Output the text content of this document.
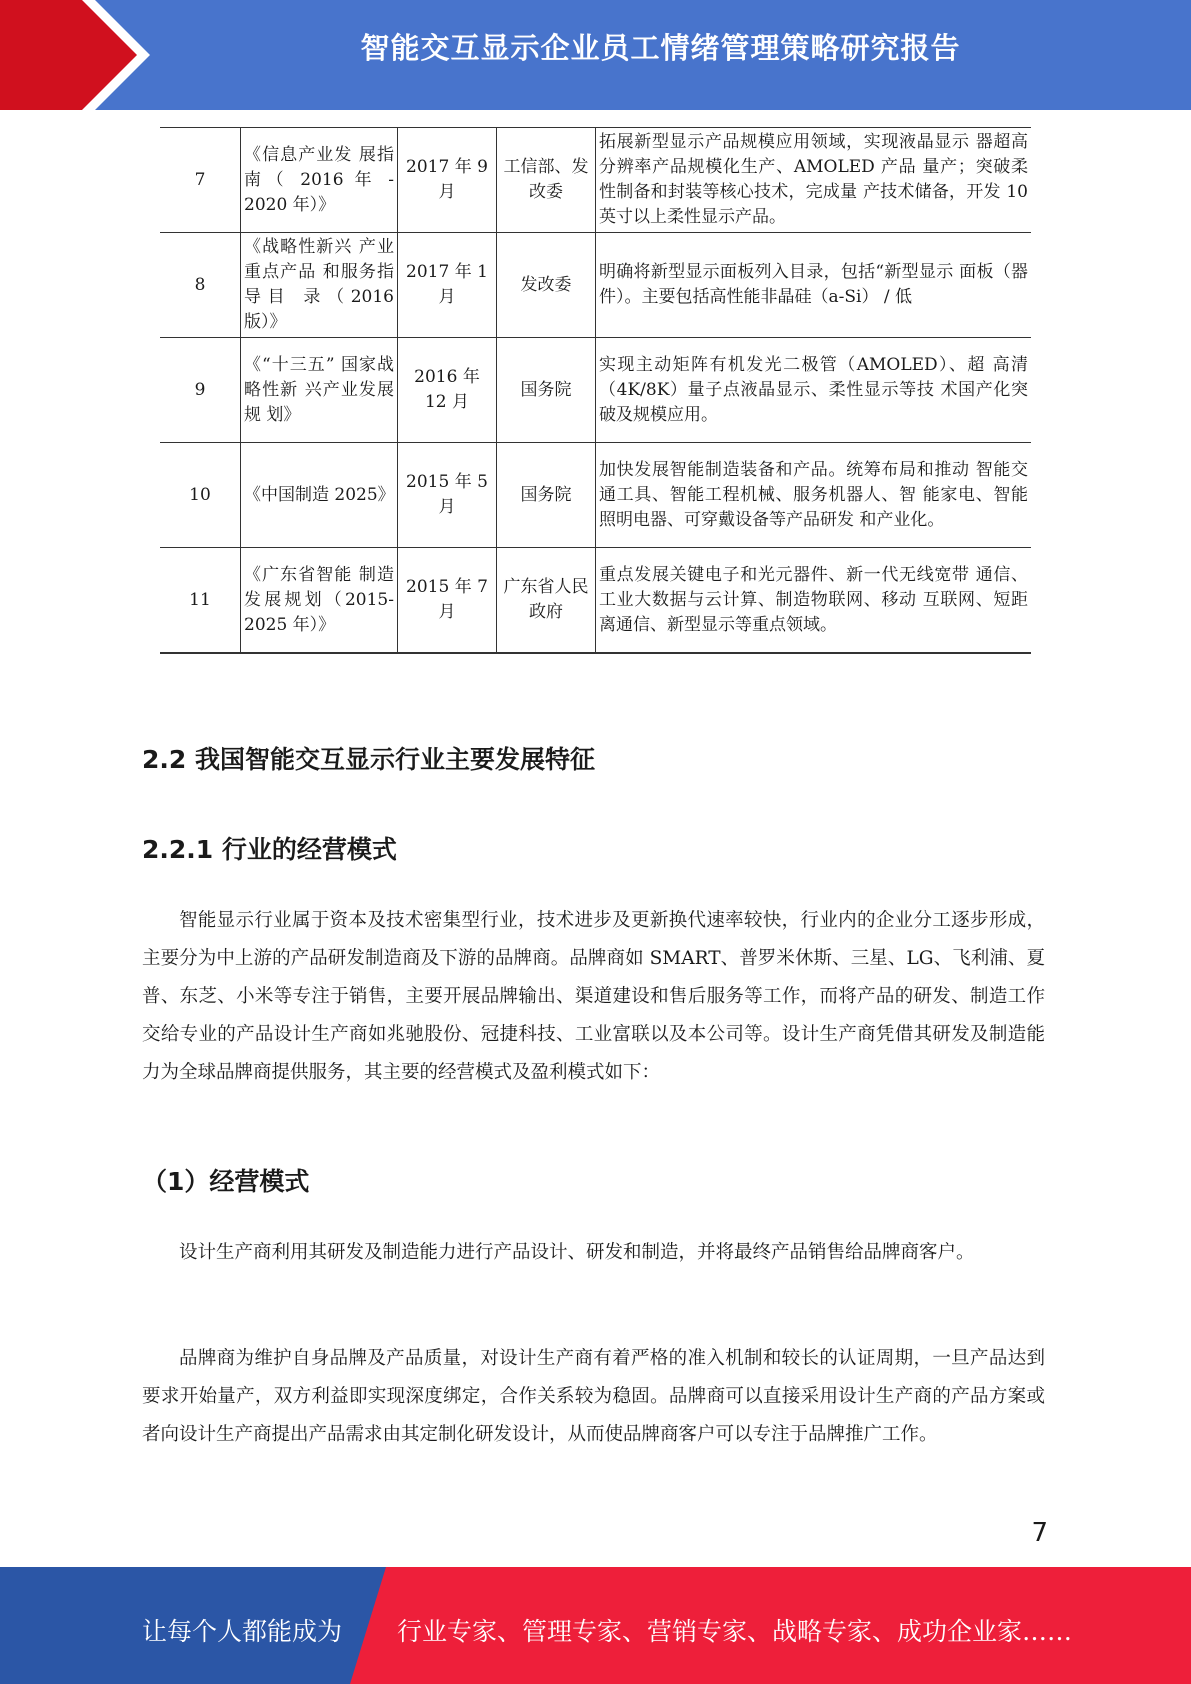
智能交互显示企业员工情绪管理策略研究报告
7	《信息产业发 展指南（ 2016 年 - 2020 年）》	2017 年 9 月	工信部、发改委	拓展新型显示产品规模应用领域，实现液晶显示 器超高分辨率产品规模化生产、AMOLED 产品 量产；突破柔性制备和封装等核心技术，完成量 产技术储备，开发 10 英寸以上柔性显示产品。
8	《战略性新兴 产业重点产品 和服务指导目 录（2016 版）》	2017 年 1 月	发改委	明确将新型显示面板列入目录，包括“新型显示 面板（器件）。主要包括高性能非晶硅（a-Si） / 低
9	《“十三五” 国家战略性新 兴产业发展规 划》	2016 年 12 月	国务院	实现主动矩阵有机发光二极管（AMOLED）、超 高清（4K/8K）量子点液晶显示、柔性显示等技 术国产化突破及规模应用。
10	《中国制造 2025》	2015 年 5 月	国务院	加快发展智能制造装备和产品。统筹布局和推动 智能交通工具、智能工程机械、服务机器人、智 能家电、智能照明电器、可穿戴设备等产品研发 和产业化。
11	《广东省智能 制造发展规划（2015-2025 年）》	2015 年 7 月	广东省人民政府	重点发展关键电子和光元器件、新一代无线宽带 通信、工业大数据与云计算、制造物联网、移动 互联网、短距离通信、新型显示等重点领域。
2.2 我国智能交互显示行业主要发展特征
2.2.1 行业的经营模式

智能显示行业属于资本及技术密集型行业，技术进步及更新换代速率较快，行业内的企业分工逐步形成，主要分为中上游的产品研发制造商及下游的品牌商。品牌商如 SMART、普罗米休斯、三星、LG、飞利浦、夏普、东芝、小米等专注于销售，主要开展品牌输出、渠道建设和售后服务等工作，而将产品的研发、制造工作交给专业的产品设计生产商如兆驰股份、冠捷科技、工业富联以及本公司等。设计生产商凭借其研发及制造能力为全球品牌商提供服务，其主要的经营模式及盈利模式如下：

（1）经营模式

设计生产商利用其研发及制造能力进行产品设计、研发和制造，并将最终产品销售给品牌商客户。

品牌商为维护自身品牌及产品质量，对设计生产商有着严格的准入机制和较长的认证周期，一旦产品达到要求开始量产，双方利益即实现深度绑定，合作关系较为稳固。品牌商可以直接采用设计生产商的产品方案或者向设计生产商提出产品需求由其定制化研发设计，从而使品牌商客户可以专注于品牌推广工作。

7
让每个人都能成为 行业专家、管理专家、营销专家、战略专家、成功企业家……
